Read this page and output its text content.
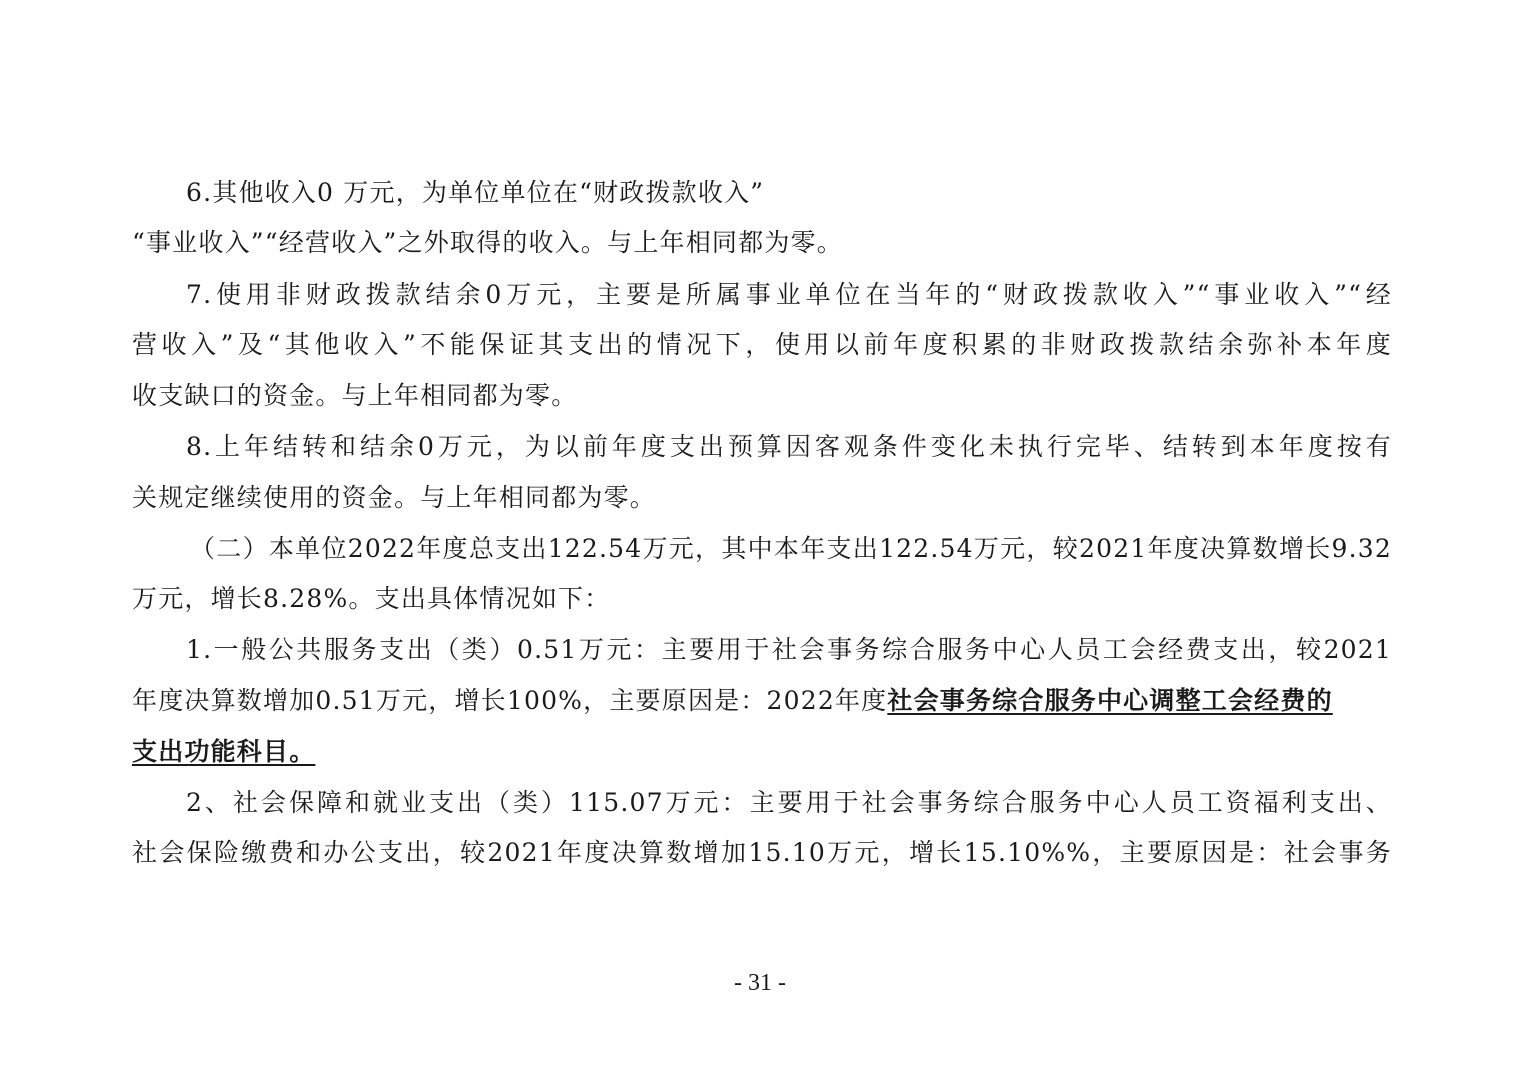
6.其他收入0 万元，为单位单位在“财政拨款收入”
“事业收入”“经营收入”之外取得的收入。与上年相同都为零。
7.使用非财政拨款结余0万元，主要是所属事业单位在当年的“财政拨款收入”“事业收入”“经
营收入”及“其他收入”不能保证其支出的情况下，使用以前年度积累的非财政拨款结余弥补本年度
收支缺口的资金。与上年相同都为零。
8.上年结转和结余0万元，为以前年度支出预算因客观条件变化未执行完毕、结转到本年度按有
关规定继续使用的资金。与上年相同都为零。
（二）本单位2022年度总支出122.54万元，其中本年支出122.54万元，较2021年度决算数增长9.32
万元，增长8.28%。支出具体情况如下：
1.一般公共服务支出（类）0.51万元：主要用于社会事务综合服务中心人员工会经费支出，较2021
年度决算数增加0.51万元，增长100%，主要原因是：2022年度社会事务综合服务中心调整工会经费的
支出功能科目。
2、社会保障和就业支出（类）115.07万元：主要用于社会事务综合服务中心人员工资福利支出、
社会保险缴费和办公支出，较2021年度决算数增加15.10万元，增长15.10%%，主要原因是：社会事务
- 31 -
